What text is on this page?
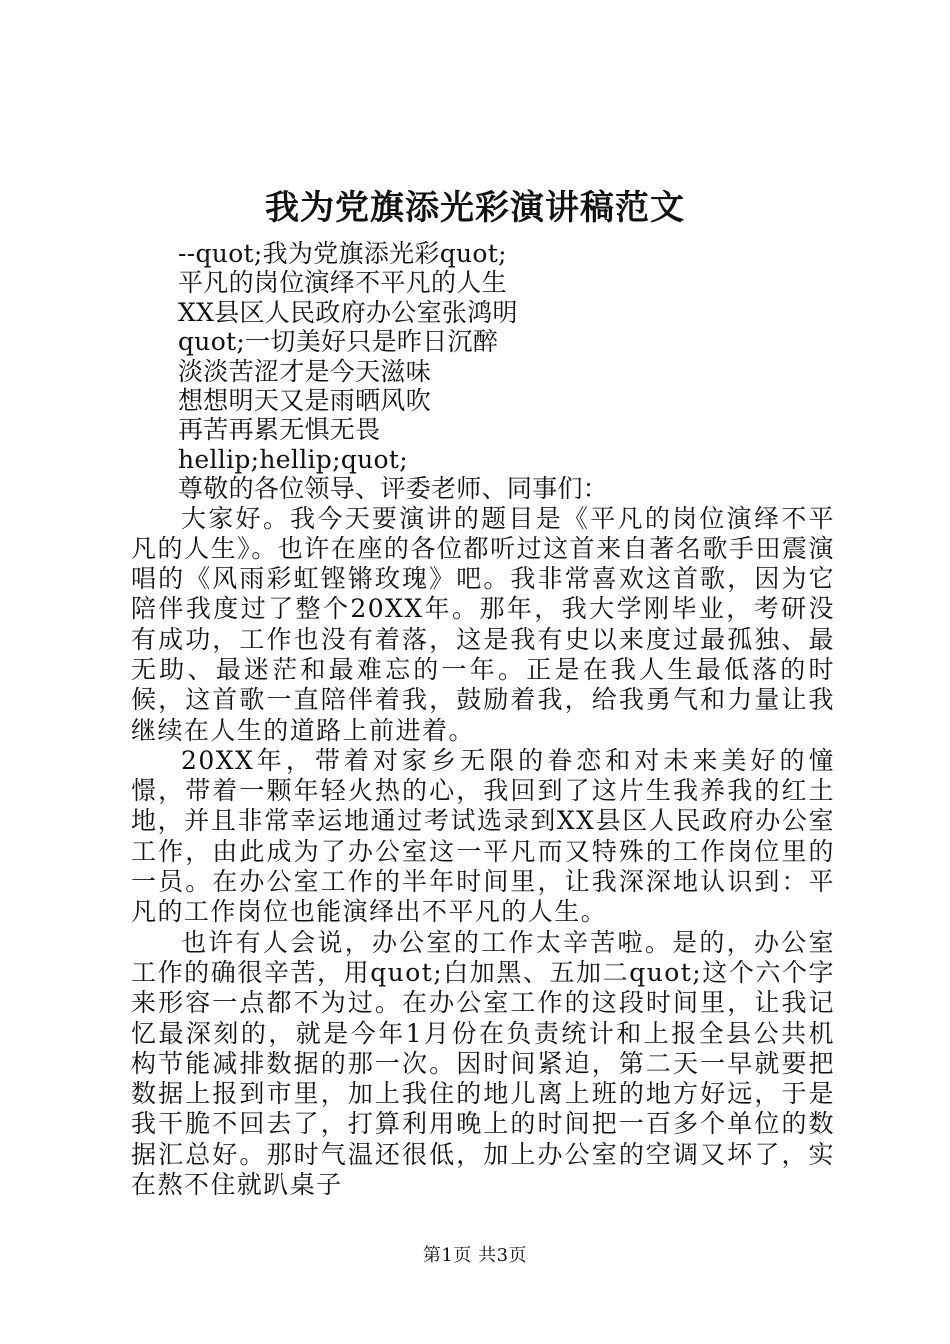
我为党旗添光彩演讲稿范文
--quot;我为党旗添光彩quot;
平凡的岗位演绎不平凡的人生
XX县区人民政府办公室张鸿明
quot;一切美好只是昨日沉醉
淡淡苦涩才是今天滋味
想想明天又是雨晒风吹
再苦再累无惧无畏
hellip;hellip;quot;
尊敬的各位领导、评委老师、同事们：

大家好。我今天要演讲的题目是《平凡的岗位演绎不平凡的人生》。也许在座的各位都听过这首来自著名歌手田震演唱的《风雨彩虹铿锵玫瑰》吧。我非常喜欢这首歌，因为它陪伴我度过了整个20XX年。那年，我大学刚毕业，考研没有成功，工作也没有着落，这是我有史以来度过最孤独、最无助、最迷茫和最难忘的一年。正是在我人生最低落的时候，这首歌一直陪伴着我，鼓励着我，给我勇气和力量让我继续在人生的道路上前进着。

20XX年，带着对家乡无限的眷恋和对未来美好的憧憬，带着一颗年轻火热的心，我回到了这片生我养我的红土地，并且非常幸运地通过考试选录到XX县区人民政府办公室工作，由此成为了办公室这一平凡而又特殊的工作岗位里的一员。在办公室工作的半年时间里，让我深深地认识到：平凡的工作岗位也能演绎出不平凡的人生。

也许有人会说，办公室的工作太辛苦啦。是的，办公室工作的确很辛苦，用quot;白加黑、五加二quot;这个六个字来形容一点都不为过。在办公室工作的这段时间里，让我记忆最深刻的，就是今年1月份在负责统计和上报全县公共机构节能减排数据的那一次。因时间紧迫，第二天一早就要把数据上报到市里，加上我住的地儿离上班的地方好远，于是我干脆不回去了，打算利用晚上的时间把一百多个单位的数据汇总好。那时气温还很低，加上办公室的空调又坏了，实在熬不住就趴桌子

第1页 共3页
